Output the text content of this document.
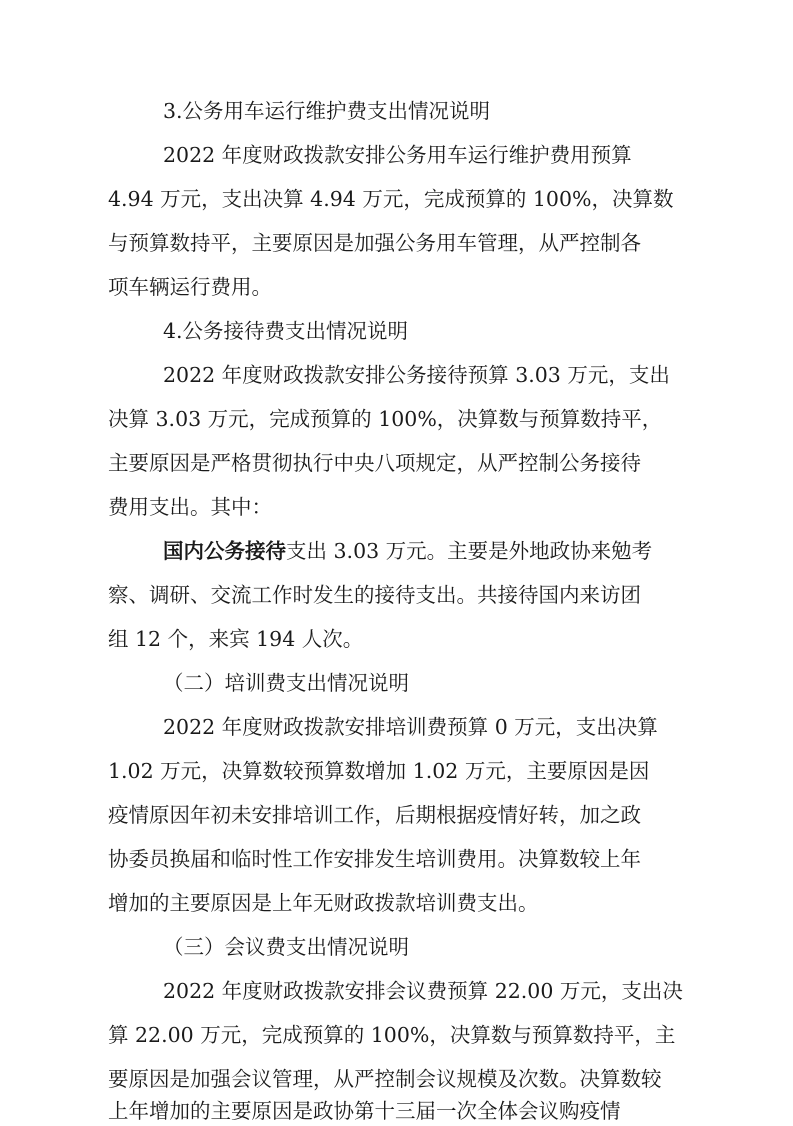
3.公务用车运行维护费支出情况说明

2022 年度财政拨款安排公务用车运行维护费用预算

4.94 万元，支出决算 4.94 万元，完成预算的 100%，决算数

与预算数持平，主要原因是加强公务用车管理，从严控制各

项车辆运行费用。

4.公务接待费支出情况说明

2022 年度财政拨款安排公务接待预算 3.03 万元，支出

决算 3.03 万元，完成预算的 100%，决算数与预算数持平，

主要原因是严格贯彻执行中央八项规定，从严控制公务接待

费用支出。其中：

国内公务接待支出 3.03 万元。主要是外地政协来勉考

察、调研、交流工作时发生的接待支出。共接待国内来访团

组 12 个，来宾 194 人次。

（二）培训费支出情况说明

2022 年度财政拨款安排培训费预算 0 万元，支出决算

1.02 万元，决算数较预算数增加 1.02 万元，主要原因是因

疫情原因年初未安排培训工作，后期根据疫情好转，加之政

协委员换届和临时性工作安排发生培训费用。决算数较上年

增加的主要原因是上年无财政拨款培训费支出。

（三）会议费支出情况说明

2022 年度财政拨款安排会议费预算 22.00 万元，支出决

算 22.00 万元，完成预算的 100%，决算数与预算数持平，主

要原因是加强会议管理，从严控制会议规模及次数。决算数较

上年增加的主要原因是政协第十三届一次全体会议购疫情
